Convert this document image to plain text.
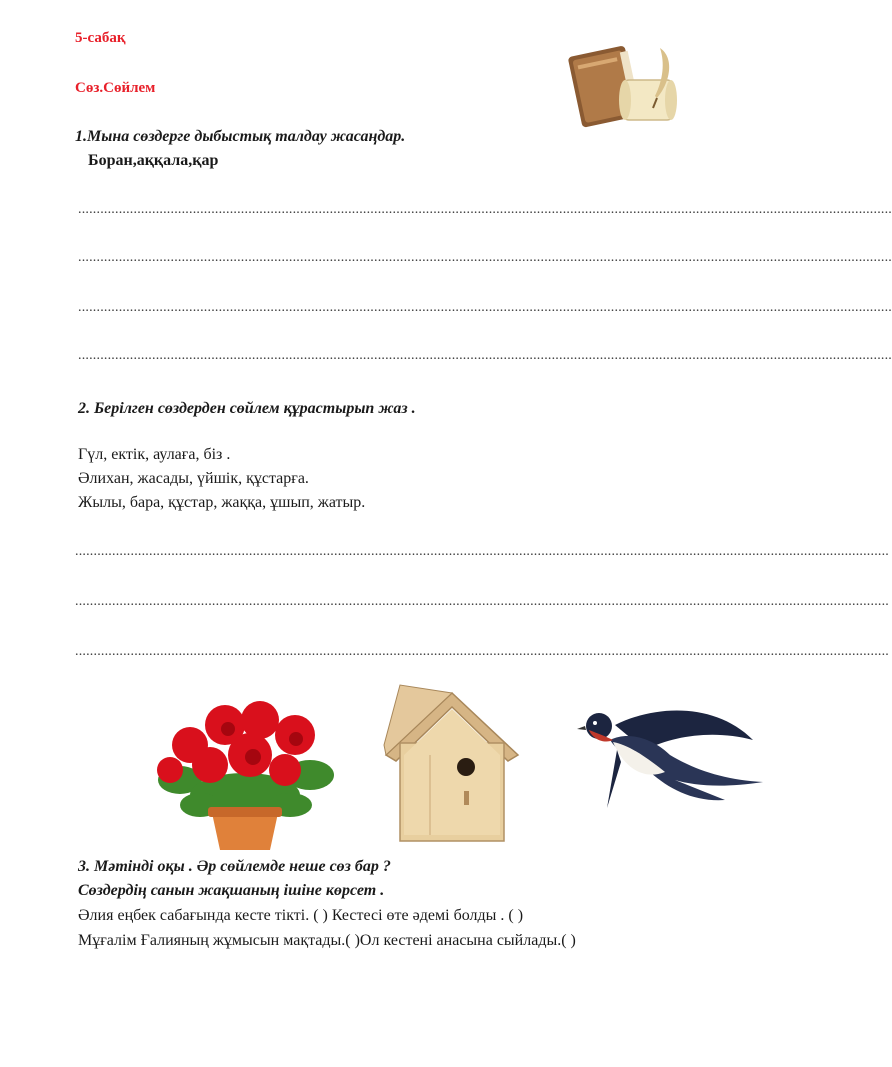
5-сабақ
Сөз.Сөйлем
1.Мына сөздерге дыбыстық талдау жасаңдар.
Боран,аққала,қар
............................................................................................................................................................................................................................
............................................................................................................................................................................................................................
............................................................................................................................................................................................................................
............................................................................................................................................................................................................................
2. Берілген сөздерден сөйлем құрастырып жаз .
Гүл, ектік, аулаға, біз .
Әлихан, жасады, үйшік, құстарға.
Жылы, бара, құстар, жаққа, ұшып, жатыр.
............................................................................................................................................................................................................................
............................................................................................................................................................................................................................
............................................................................................................................................................................................................................
3. Мәтінді оқы . Әр сөйлемде неше сөз бар ?
Сөздердің санын жақшаның ішіне көрсет .
Әлия еңбек сабағында кесте тікті. ( ) Кестесі өте әдемі болды . ( )
Мұғалім Ғалияның жұмысын мақтады.( )Ол кестені анасына сыйлады.( )
